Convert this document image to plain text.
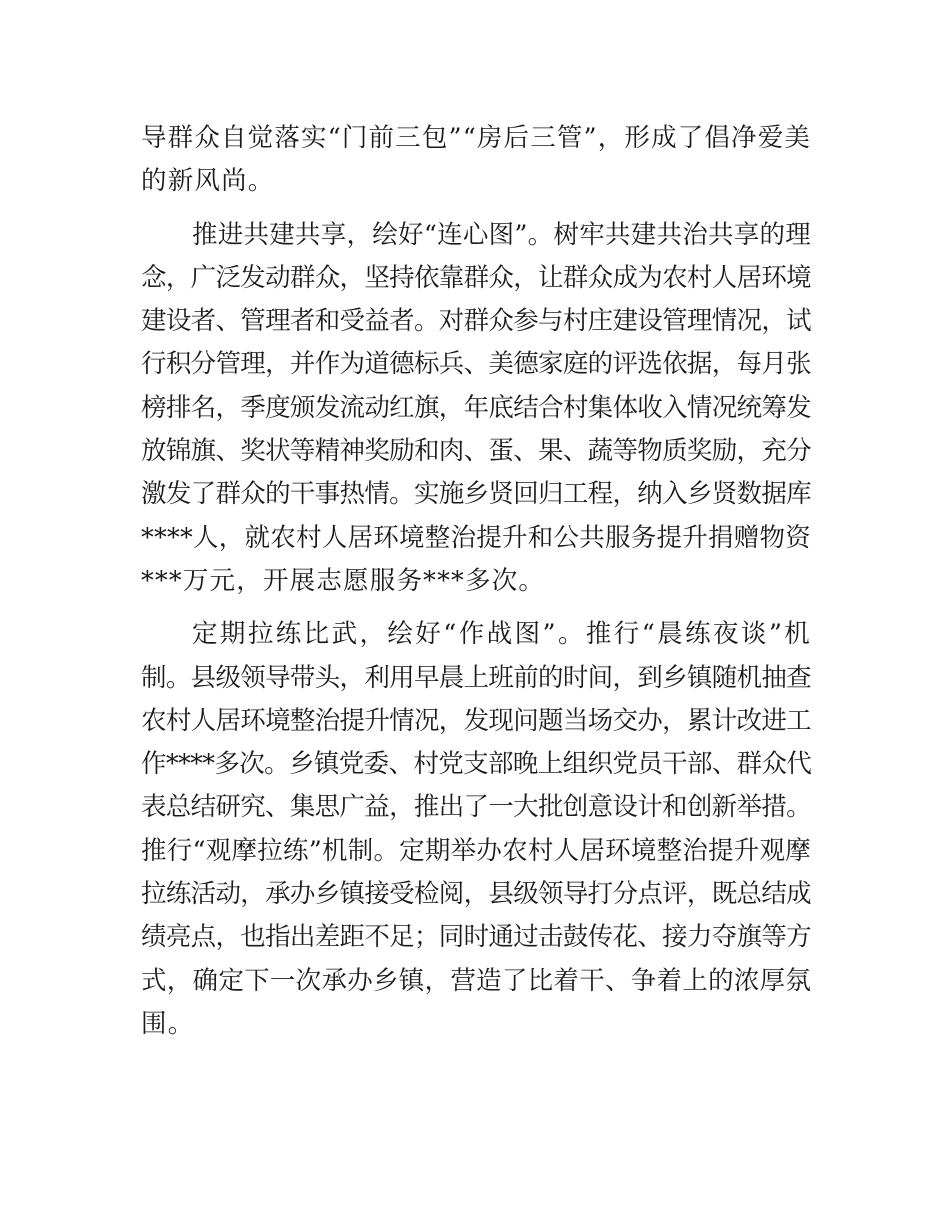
导群众自觉落实“门前三包”“房后三管”，形成了倡净爱美
的新风尚。

推进共建共享，绘好“连心图”。树牢共建共治共享的理
念，广泛发动群众，坚持依靠群众，让群众成为农村人居环境
建设者、管理者和受益者。对群众参与村庄建设管理情况，试
行积分管理，并作为道德标兵、美德家庭的评选依据，每月张
榜排名，季度颁发流动红旗，年底结合村集体收入情况统筹发
放锦旗、奖状等精神奖励和肉、蛋、果、蔬等物质奖励，充分
激发了群众的干事热情。实施乡贤回归工程，纳入乡贤数据库
****人，就农村人居环境整治提升和公共服务提升捐赠物资
***万元，开展志愿服务***多次。

定期拉练比武，绘好“作战图”。推行“晨练夜谈”机
制。县级领导带头，利用早晨上班前的时间，到乡镇随机抽查
农村人居环境整治提升情况，发现问题当场交办，累计改进工
作****多次。乡镇党委、村党支部晚上组织党员干部、群众代
表总结研究、集思广益，推出了一大批创意设计和创新举措。
推行“观摩拉练”机制。定期举办农村人居环境整治提升观摩
拉练活动，承办乡镇接受检阅，县级领导打分点评，既总结成
绩亮点，也指出差距不足；同时通过击鼓传花、接力夺旗等方
式，确定下一次承办乡镇，营造了比着干、争着上的浓厚氛
围。
